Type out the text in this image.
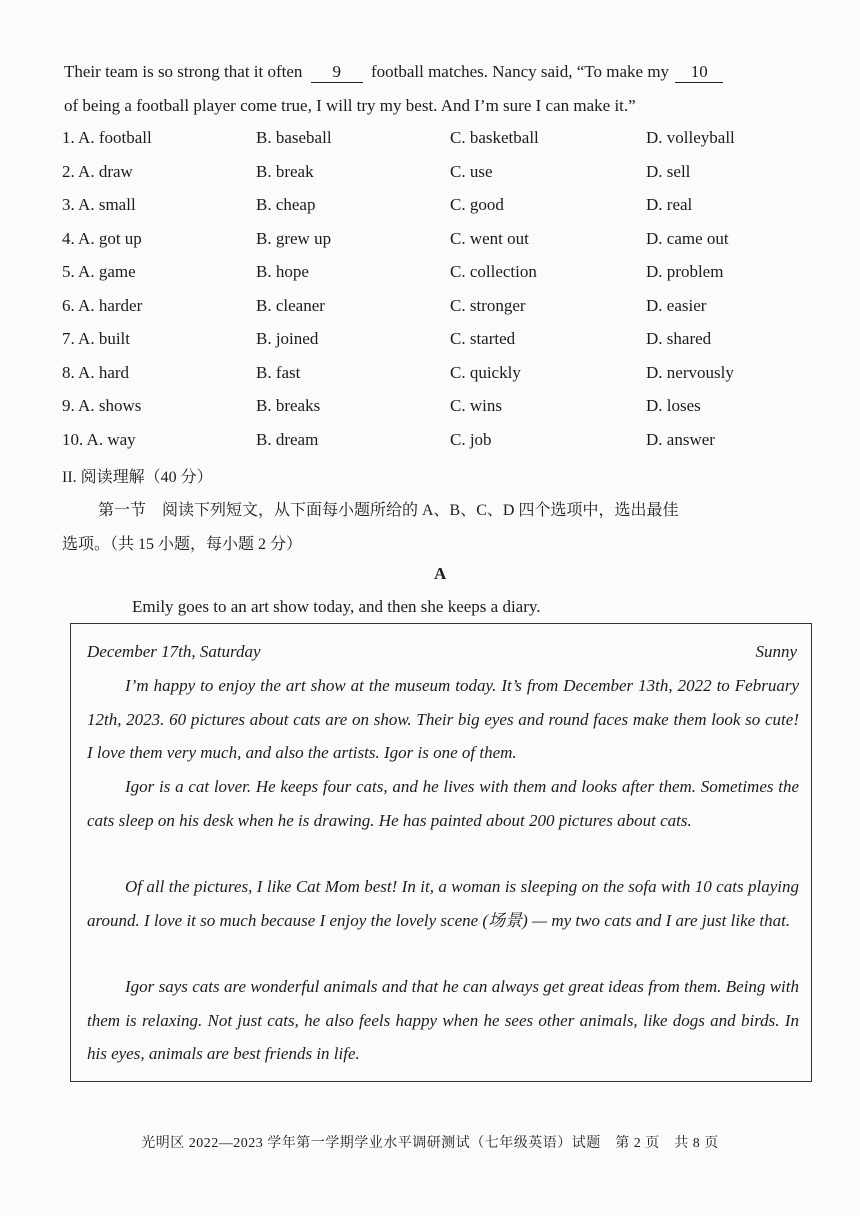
Their team is so strong that it often 9 football matches. Nancy said, “To make my 10
of being a football player come true, I will try my best. And I’m sure I can make it.”
1. A. football	B. baseball	C. basketball	D. volleyball
2. A. draw	B. break	C. use	D. sell
3. A. small	B. cheap	C. good	D. real
4. A. got up	B. grew up	C. went out	D. came out
5. A. game	B. hope	C. collection	D. problem
6. A. harder	B. cleaner	C. stronger	D. easier
7. A. built	B. joined	C. started	D. shared
8. A. hard	B. fast	C. quickly	D. nervously
9. A. shows	B. breaks	C. wins	D. loses
10. A. way	B. dream	C. job	D. answer
II. 阅读理解（40 分）
第一节　阅读下列短文，从下面每小题所给的 A、B、C、D 四个选项中，选出最佳
选项。（共 15 小题，每小题 2 分）
A
Emily goes to an art show today, and then she keeps a diary.
December 17th, Saturday	Sunny
I’m happy to enjoy the art show at the museum today. It’s from December 13th, 2022 to February 12th, 2023. 60 pictures about cats are on show. Their big eyes and round faces make them look so cute! I love them very much, and also the artists. Igor is one of them.
Igor is a cat lover. He keeps four cats, and he lives with them and looks after them. Sometimes the cats sleep on his desk when he is drawing. He has painted about 200 pictures about cats.
Of all the pictures, I like Cat Mom best! In it, a woman is sleeping on the sofa with 10 cats playing around. I love it so much because I enjoy the lovely scene (场景) — my two cats and I are just like that.
Igor says cats are wonderful animals and that he can always get great ideas from them. Being with them is relaxing. Not just cats, he also feels happy when he sees other animals, like dogs and birds. In his eyes, animals are best friends in life.
光明区 2022—2023 学年第一学期学业水平调研测试（七年级英语）试题　第 2 页　共 8 页
